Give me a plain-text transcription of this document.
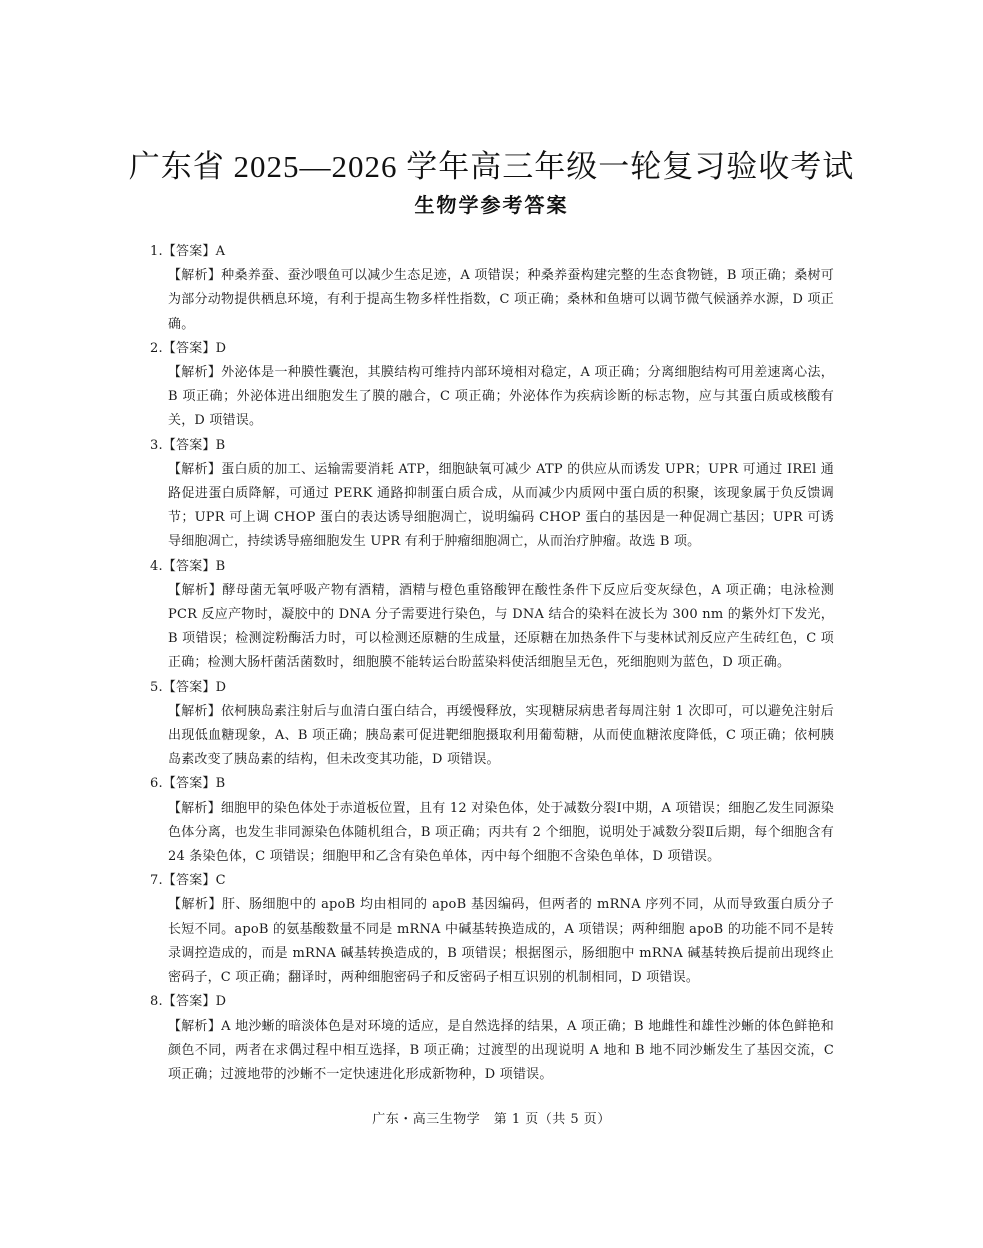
广东省 2025—2026 学年高三年级一轮复习验收考试
生物学参考答案

1.【答案】A

【解析】种桑养蚕、蚕沙喂鱼可以减少生态足迹，A 项错误；种桑养蚕构建完整的生态食物链，B 项正确；桑树可为部分动物提供栖息环境，有利于提高生物多样性指数，C 项正确；桑林和鱼塘可以调节微气候涵养水源，D 项正确。

2.【答案】D

【解析】外泌体是一种膜性囊泡，其膜结构可维持内部环境相对稳定，A 项正确；分离细胞结构可用差速离心法，B 项正确；外泌体进出细胞发生了膜的融合，C 项正确；外泌体作为疾病诊断的标志物，应与其蛋白质或核酸有关，D 项错误。

3.【答案】B

【解析】蛋白质的加工、运输需要消耗 ATP，细胞缺氧可减少 ATP 的供应从而诱发 UPR；UPR 可通过 IREl 通路促进蛋白质降解，可通过 PERK 通路抑制蛋白质合成，从而减少内质网中蛋白质的积聚，该现象属于负反馈调节；UPR 可上调 CHOP 蛋白的表达诱导细胞凋亡，说明编码 CHOP 蛋白的基因是一种促凋亡基因；UPR 可诱导细胞凋亡，持续诱导癌细胞发生 UPR 有利于肿瘤细胞凋亡，从而治疗肿瘤。故选 B 项。

4.【答案】B

【解析】酵母菌无氧呼吸产物有酒精，酒精与橙色重铬酸钾在酸性条件下反应后变灰绿色，A 项正确；电泳检测 PCR 反应产物时，凝胶中的 DNA 分子需要进行染色，与 DNA 结合的染料在波长为 300 nm 的紫外灯下发光，B 项错误；检测淀粉酶活力时，可以检测还原糖的生成量，还原糖在加热条件下与斐林试剂反应产生砖红色，C 项正确；检测大肠杆菌活菌数时，细胞膜不能转运台盼蓝染料使活细胞呈无色，死细胞则为蓝色，D 项正确。

5.【答案】D

【解析】依柯胰岛素注射后与血清白蛋白结合，再缓慢释放，实现糖尿病患者每周注射 1 次即可，可以避免注射后出现低血糖现象，A、B 项正确；胰岛素可促进靶细胞摄取利用葡萄糖，从而使血糖浓度降低，C 项正确；依柯胰岛素改变了胰岛素的结构，但未改变其功能，D 项错误。

6.【答案】B

【解析】细胞甲的染色体处于赤道板位置，且有 12 对染色体，处于减数分裂Ⅰ中期，A 项错误；细胞乙发生同源染色体分离，也发生非同源染色体随机组合，B 项正确；丙共有 2 个细胞，说明处于减数分裂Ⅱ后期，每个细胞含有 24 条染色体，C 项错误；细胞甲和乙含有染色单体，丙中每个细胞不含染色单体，D 项错误。

7.【答案】C

【解析】肝、肠细胞中的 apoB 均由相同的 apoB 基因编码，但两者的 mRNA 序列不同，从而导致蛋白质分子长短不同。apoB 的氨基酸数量不同是 mRNA 中碱基转换造成的，A 项错误；两种细胞 apoB 的功能不同不是转录调控造成的，而是 mRNA 碱基转换造成的，B 项错误；根据图示，肠细胞中 mRNA 碱基转换后提前出现终止密码子，C 项正确；翻译时，两种细胞密码子和反密码子相互识别的机制相同，D 项错误。

8.【答案】D

【解析】A 地沙蜥的暗淡体色是对环境的适应，是自然选择的结果，A 项正确；B 地雌性和雄性沙蜥的体色鲜艳和颜色不同，两者在求偶过程中相互选择，B 项正确；过渡型的出现说明 A 地和 B 地不同沙蜥发生了基因交流，C 项正确；过渡地带的沙蜥不一定快速进化形成新物种，D 项错误。

广东・高三生物学　第 1 页（共 5 页）
